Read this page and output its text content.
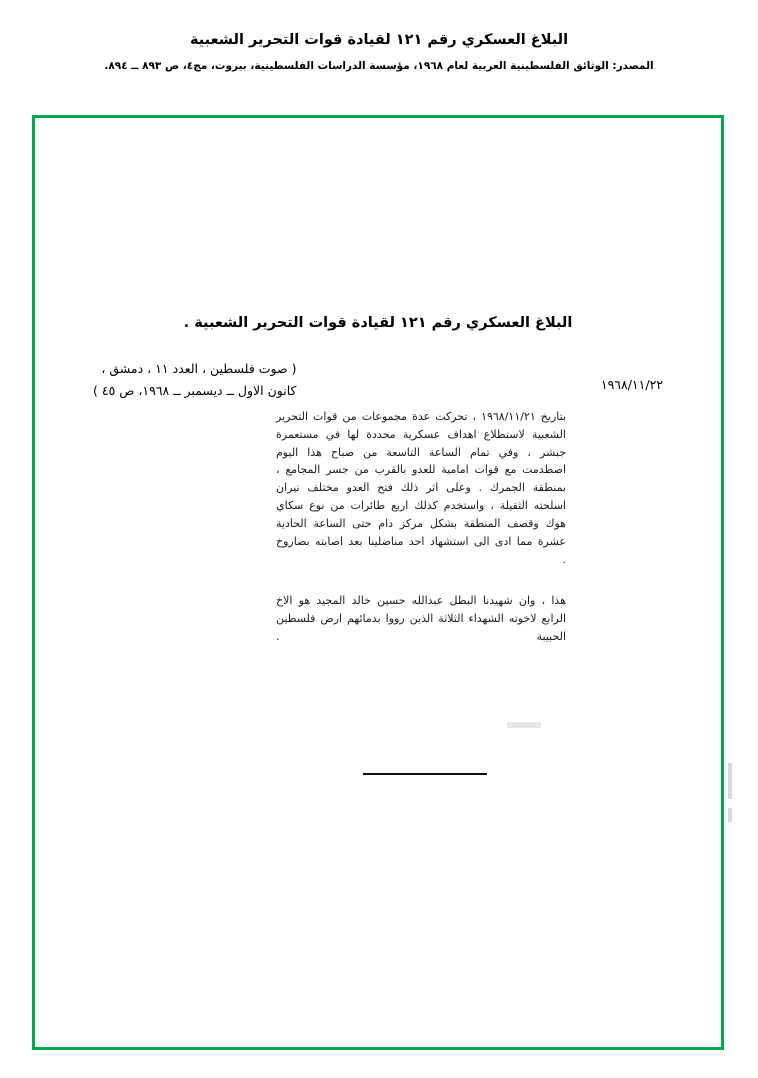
البلاغ العسكري رقم ١٢١ لقيادة قوات التحرير الشعبية
المصدر: الوثائق الفلسطينية العربية لعام ١٩٦٨، مؤسسة الدراسات الفلسطينية، بيروت، مج٤، ص ٨٩٣ ــ ٨٩٤.
البلاغ العسكري رقم ١٢١ لقيادة قوات التحرير الشعبية .
( صوت فلسطين ، العدد ١١ ، دمشق ،
كانون الاول ــ ديسمبر ــ ١٩٦٨، ص ٤٥ )	١٩٦٨/١١/٢٢

بتاريخ ١٩٦٨/١١/٢١ ، تحركت عدة مجموعات من قوات التحرير الشعبية لاستطلاع اهداف عسكرية محددة لها في مستعمرة جبشر ، وفي تمام الساعة التاسعة من صباح هذا اليوم اصطدمت مع قوات امامية للعدو بالقرب من جسر المجامع ، بمنطقة الجمرك . وعلى اثر ذلك فتح العدو مختلف نيران اسلحته الثقيلة ، واستخدم كذلك اربع طائرات من نوع سكاي هوك وقصف المنطقة بشكل مركز دام حتى الساعة الحادية عشرة مما ادى الى استشهاد احد مناضلينا بعد اصابته بصاروخ .

هذا ، وان شهيدنا البطل عبدالله حسين خالد المجيد هو الاخ الرابع لاخوته الشهداء الثلاثة الذين رووا بدمائهم ارض فلسطين الحبيبة .
